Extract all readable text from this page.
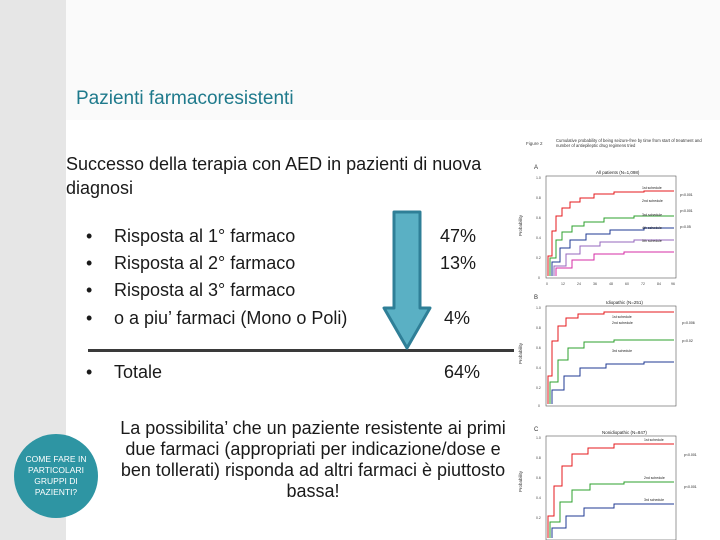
Pazienti farmacoresistenti
Successo della terapia con AED in pazienti di nuova diagnosi
• Risposta al 1° farmaco	47%
• Risposta al 2° farmaco	13%
• Risposta al 3° farmaco
• o a piu’ farmaci (Mono o Poli)	4%
• Totale	64%
La possibilita’ che un paziente resistente ai primi due farmaci (appropriati per indicazione/dose e ben tollerati) risponda ad altri farmaci è piuttosto bassa!
COME FARE IN PARTICOLARI GRUPPI DI PAZIENTI?
Figure 2
Cumulative probability of being seizure-free by time from start of treatment and number of antiepileptic drug regimens tried
A
Probability
1.0
0.8
0.6
0.4
0.2
0
All patients (N=1,098)
1st schedule
2nd schedule
3rd schedule
4th schedule
5th schedule
p<0.001
p<0.001
p=0.05
0	12	24	36	48	60	72	84	96
B
Probability
1.0
0.8
0.6
0.4
0.2
0
Idiopathic (N=251)
1st schedule
2nd schedule
3rd schedule
p=0.006
p=0.02
C
Probability
1.0
0.8
0.6
0.4
0.2
Nonidiopathic (N=847)
1st schedule
2nd schedule
3rd schedule
p<0.001
p<0.001
